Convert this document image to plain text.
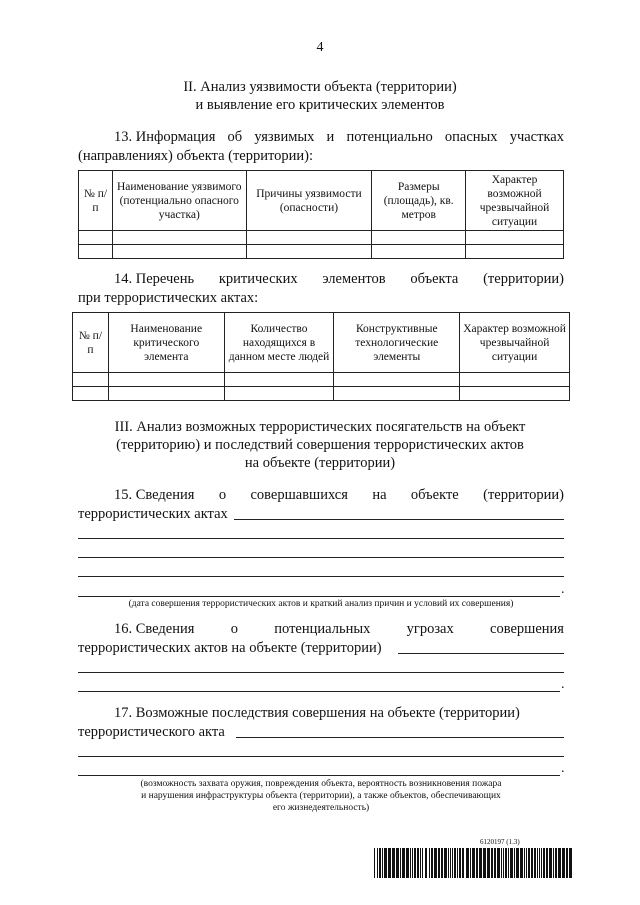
4
II. Анализ уязвимости объекта (территории)
и выявление его критических элементов
13. Информация об уязвимых и потенциально опасных участках
(направлениях) объекта (территории):
№ п/п	Наименование уязвимого (потенциально опасного участка)	Причины уязвимости (опасности)	Размеры (площадь), кв. метров	Характер возможной чрезвычайной ситуации

14. Перечень критических элементов объекта (территории)
при террористических актах:
№ п/п	Наименование критического элемента	Количество находящихся в данном месте людей	Конструктивные технологические элементы	Характер возможной чрезвычайной ситуации

III. Анализ возможных террористических посягательств на объект
(территорию) и последствий совершения террористических актов
на объекте (территории)
15. Сведения о совершавшихся на объекте (территории)
террористических актах
.
(дата совершения террористических актов и краткий анализ причин и условий их совершения)
16. Сведения	о	потенциальных	угрозах	совершения
террористических актов на объекте (территории)
.
17. Возможные последствия совершения на объекте (территории)
террористического акта
.
(возможность захвата оружия, повреждения объекта, вероятность возникновения пожара
и нарушения инфраструктуры объекта (территории), а также объектов, обеспечивающих
его жизнедеятельность)
6120197 (1.3)
